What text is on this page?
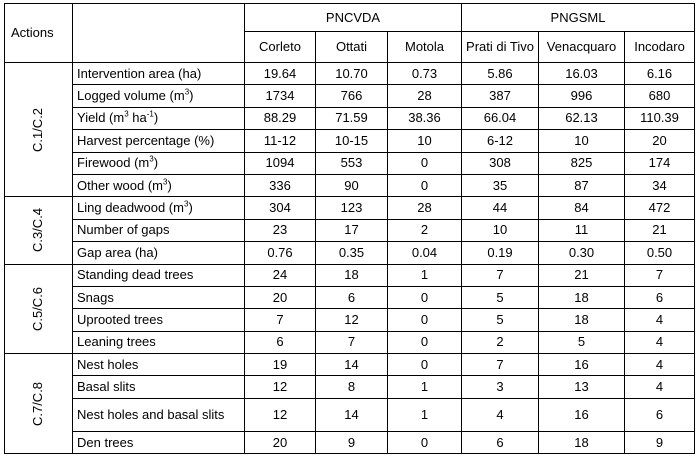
Actions		PNCVDA			PNGSML		
		Corleto	Ottati	Motola	Prati di Tivo	Venacquaro	Incodaro
C.1/C.2	Intervention area (ha)	19.64	10.70	0.73	5.86	16.03	6.16
	Logged volume $(m^3)$	1734	766	28	387	996	680
	Yield ($m^3$ $ha^{-1}$)	88.29	71.59	38.36	66.04	62.13	110.39
	Harvest percentage (%)	11-12	10-15	10	6-12	10	20
	Firewood $(m^3)$	1094	553	0	308	825	174
	Other wood $(m^3)$	336	90	0	35	87	34
C.3/C.4	Ling deadwood $(m^3)$	304	123	28	44	84	472
	Number of gaps	23	17	2	10	11	21
	Gap area (ha)	0.76	0.35	0.04	0.19	0.30	0.50
C.5/C.6	Standing dead trees	24	18	1	7	21	7
	Snags	20	6	0	5	18	6
	Uprooted trees	7	12	0	5	18	4
	Leaning trees	6	7	0	2	5	4
C.7/C.8	Nest holes	19	14	0	7	16	4
	Basal slits	12	8	1	3	13	4
	Nest holes and basal slits	12	14	1	4	16	6
	Den trees	20	9	0	6	18	9
